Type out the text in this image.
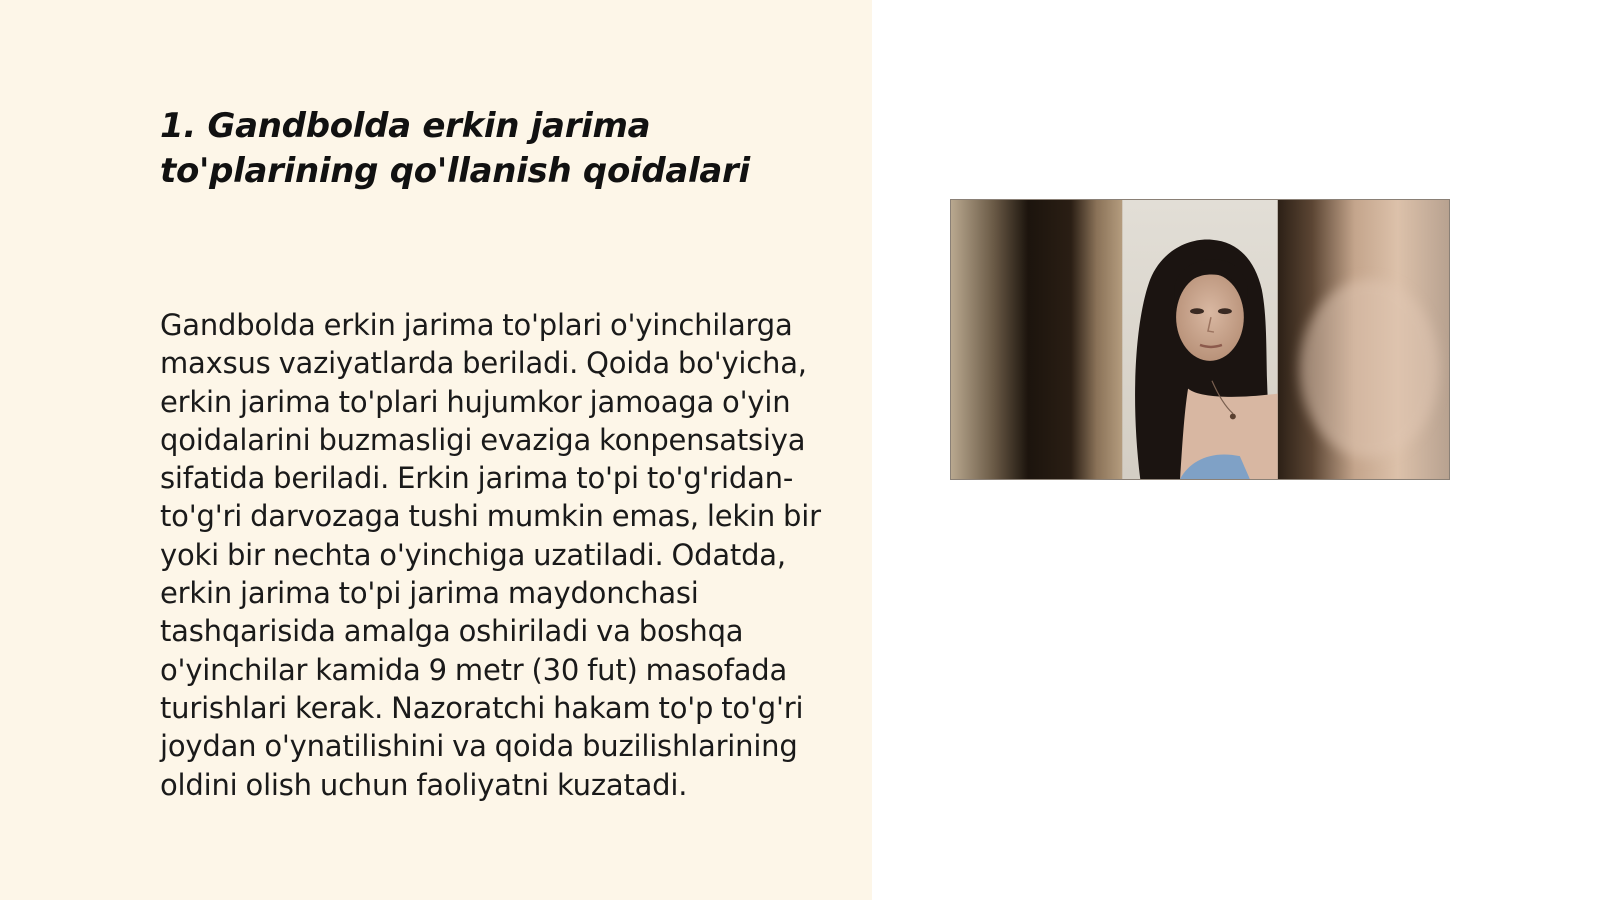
1. Gandbolda erkin jarima to'plarining qo'llanish qoidalari

Gandbolda erkin jarima to'plari o'yinchilarga maxsus vaziyatlarda beriladi. Qoida bo'yicha, erkin jarima to'plari hujumkor jamoaga o'yin qoidalarini buzmasligi evaziga konpensatsiya sifatida beriladi. Erkin jarima to'pi to'g'ridan-to'g'ri darvozaga tushi mumkin emas, lekin bir yoki bir nechta o'yinchiga uzatiladi. Odatda, erkin jarima to'pi jarima maydonchasi tashqarisida amalga oshiriladi va boshqa o'yinchilar kamida 9 metr (30 fut) masofada turishlari kerak. Nazoratchi hakam to'p to'g'ri joydan o'ynatilishini va qoida buzilishlarining oldini olish uchun faoliyatni kuzatadi.
